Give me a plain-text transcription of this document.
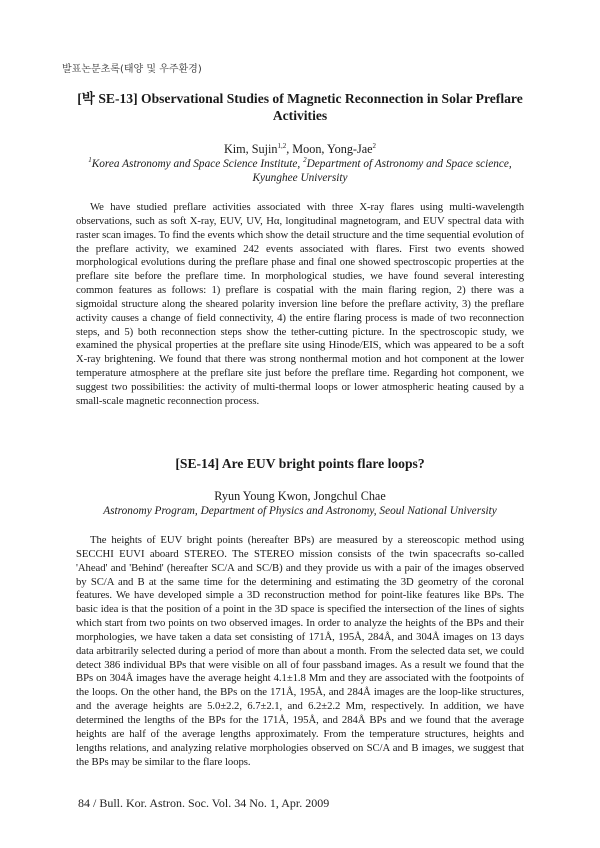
발표논문초록(태양 및 우주환경)
[박 SE-13] Observational Studies of Magnetic Reconnection in Solar Preflare Activities

Kim, Sujin$^{1,2}$, Moon, Yong-Jae$^2$

$^1$Korea Astronomy and Space Science Institute, $^2$Department of Astronomy and Space science, Kyunghee University

We have studied preflare activities associated with three X-ray flares using multi-wavelength observations, such as soft X-ray, EUV, UV, Hα, longitudinal magnetogram, and EUV spectral data with raster scan images. To find the events which show the detail structure and the time sequential evolution of the preflare activity, we examined 242 events associated with flares. First two events showed morphological evolutions during the preflare phase and final one showed spectroscopic properties at the preflare site before the preflare time. In morphological studies, we have found several interesting common features as follows: 1) preflare is cospatial with the main flaring region, 2) there was a sigmoidal structure along the sheared polarity inversion line before the preflare activity, 3) the preflare activity causes a change of field connectivity, 4) the entire flaring process is made of two reconnection steps, and 5) both reconnection steps show the tether-cutting picture. In the spectroscopic study, we examined the physical properties at the preflare site using Hinode/EIS, which was appeared to be a soft X-ray brightening. We found that there was strong nonthermal motion and hot component at the lower temperature atmosphere at the preflare site just before the preflare time. Regarding hot component, we suggest two possibilities: the activity of multi-thermal loops or lower atmospheric heating caused by a small-scale magnetic reconnection process.

[SE-14] Are EUV bright points flare loops?

Ryun Young Kwon, Jongchul Chae

Astronomy Program, Department of Physics and Astronomy, Seoul National University

The heights of EUV bright points (hereafter BPs) are measured by a stereoscopic method using SECCHI EUVI aboard STEREO. The STEREO mission consists of the twin spacecrafts so-called 'Ahead' and 'Behind' (hereafter SC/A and SC/B) and they provide us with a pair of the images observed by SC/A and B at the same time for the determining and estimating the 3D geometry of the coronal features. We have developed simple a 3D reconstruction method for point-like features like BPs. The basic idea is that the position of a point in the 3D space is specified the intersection of the lines of sights which start from two points on two observed images. In order to analyze the heights of the BPs and their morphologies, we have taken a data set consisting of 171Å, 195Å, 284Å, and 304Å images on 13 days data arbitrarily selected during a period of more than about a month. From the selected data set, we could detect 386 individual BPs that were visible on all of four passband images. As a result we found that the BPs on 304Å images have the average height 4.1±1.8 Mm and they are associated with the footpoints of the loops. On the other hand, the BPs on the 171Å, 195Å, and 284Å images are the loop-like structures, and the average heights are 5.0±2.2, 6.7±2.1, and 6.2±2.2 Mm, respectively. In addition, we have determined the lengths of the BPs for the 171Å, 195Å, and 284Å BPs and we found that the average heights are half of the average lengths approximately. From the temperature structures, heights and lengths relations, and analyzing relative morphologies observed on SC/A and B images, we suggest that the BPs may be similar to the flare loops.

84 / Bull. Kor. Astron. Soc. Vol. 34 No. 1, Apr. 2009
